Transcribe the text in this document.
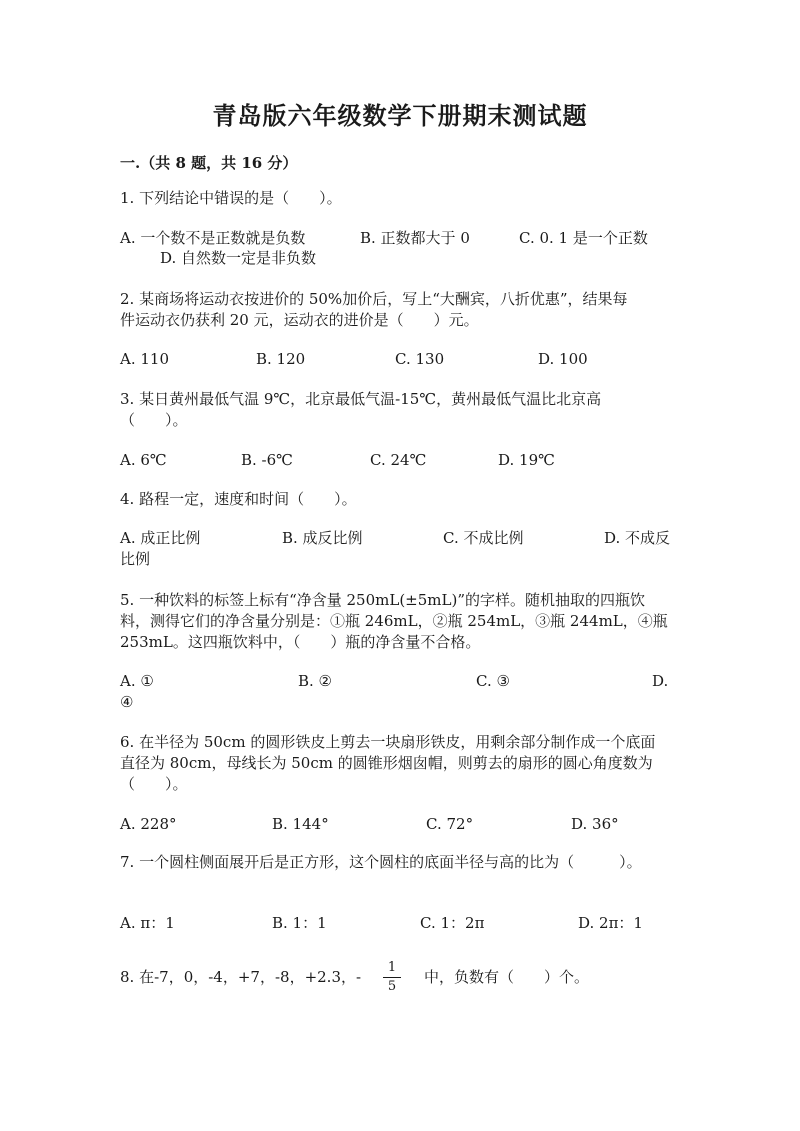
青岛版六年级数学下册期末测试题
一.（共 8 题，共 16 分）
1. 下列结论中错误的是（　　）。
A. 一个数不是正数就是负数	B. 正数都大于 0	C. 0. 1 是一个正数
D. 自然数一定是非负数
2. 某商场将运动衣按进价的 50%加价后，写上“大酬宾，八折优惠”，结果每
件运动衣仍获利 20 元，运动衣的进价是（　　）元。
A. 110	B. 120	C. 130	D. 100
3. 某日黄州最低气温 9℃，北京最低气温-15℃，黄州最低气温比北京高
（　　）。
A. 6℃	B. -6℃	C. 24℃	D. 19℃
4. 路程一定，速度和时间（　　）。
A. 成正比例	B. 成反比例	C. 不成比例	D. 不成反
比例
5. 一种饮料的标签上标有“净含量 250mL(±5mL)”的字样。随机抽取的四瓶饮
料，测得它们的净含量分别是：①瓶 246mL，②瓶 254mL，③瓶 244mL，④瓶
253mL。这四瓶饮料中，（　　）瓶的净含量不合格。
A. ①	B. ②	C. ③	D.
④
6. 在半径为 50cm 的圆形铁皮上剪去一块扇形铁皮，用剩余部分制作成一个底面
直径为 80cm，母线长为 50cm 的圆锥形烟囱帽，则剪去的扇形的圆心角度数为
（　　）。
A. 228°	B. 144°	C. 72°	D. 36°
7. 一个圆柱侧面展开后是正方形，这个圆柱的底面半径与高的比为（　　　）。
A. π：1	B. 1：1	C. 1：2π	D. 2π：1
8. 在-7，0，-4，+7，-8，+2.3，- $\frac{1}{5}$ 中，负数有（　　）个。
